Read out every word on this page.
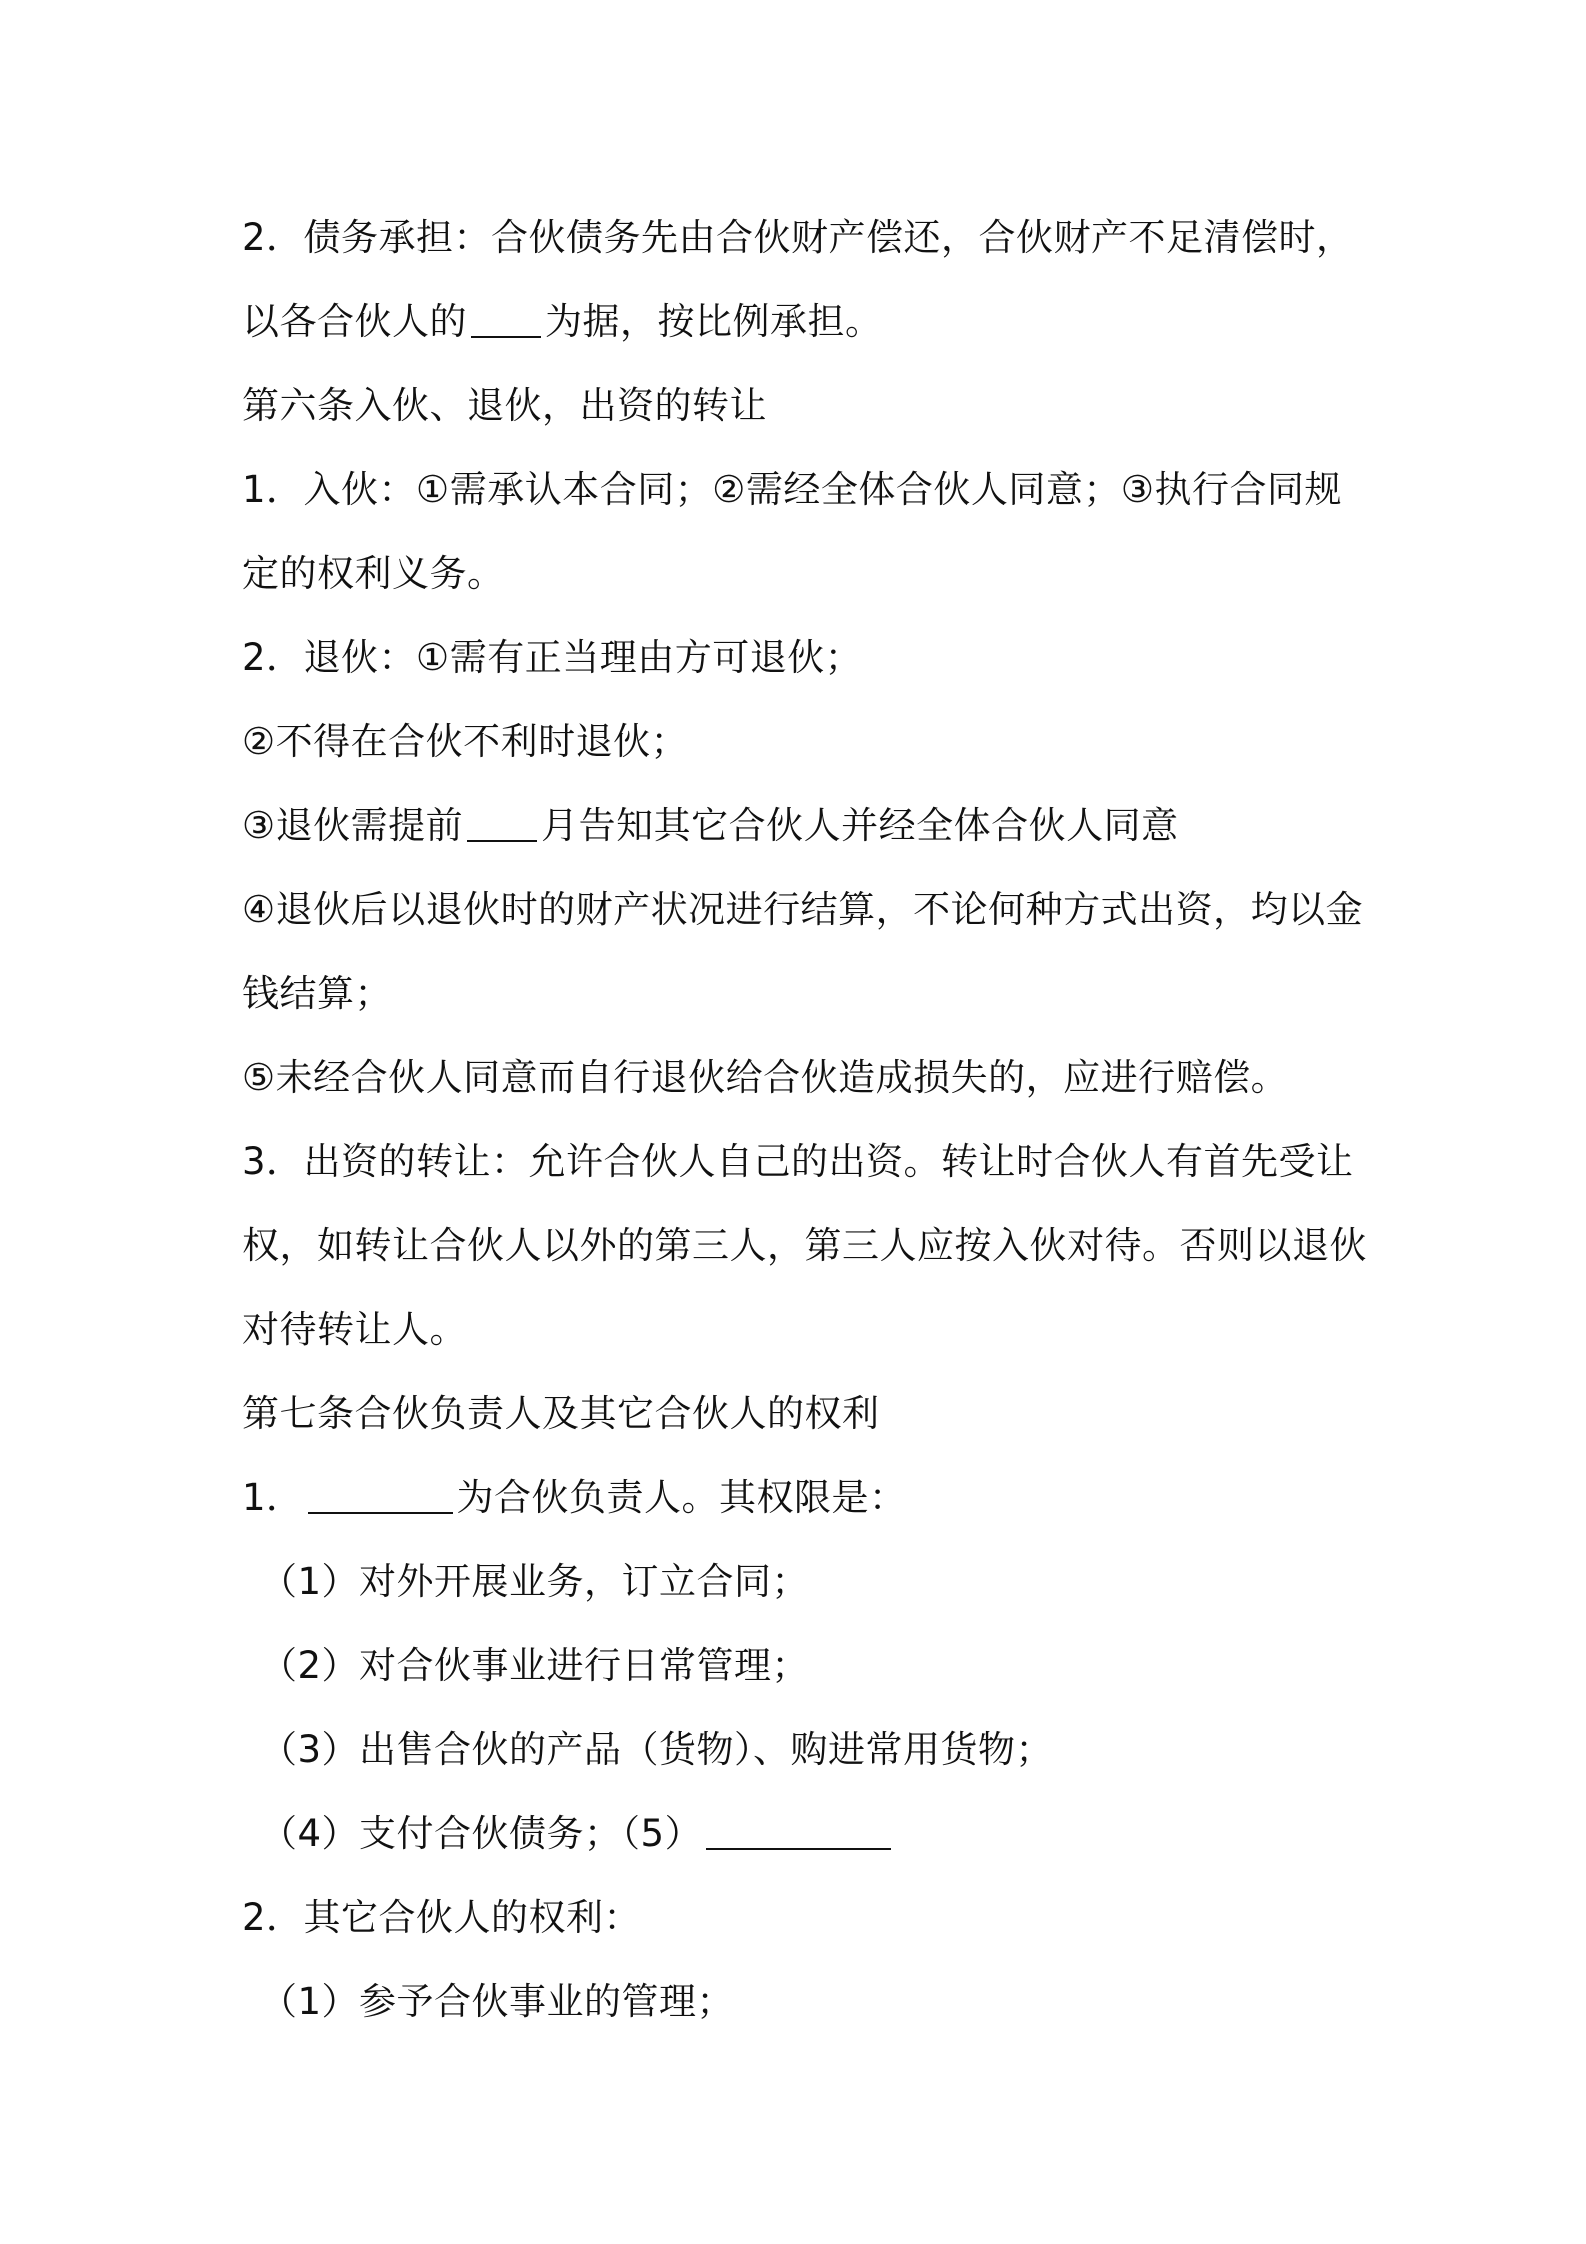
2．债务承担：合伙债务先由合伙财产偿还，合伙财产不足清偿时，
以各合伙人的 为据，按比例承担。
第六条入伙、退伙，出资的转让
1．入伙：①需承认本合同；②需经全体合伙人同意；③执行合同规
定的权利义务。
2．退伙：①需有正当理由方可退伙；
②不得在合伙不利时退伙；
③退伙需提前 月告知其它合伙人并经全体合伙人同意
④退伙后以退伙时的财产状况进行结算，不论何种方式出资，均以金
钱结算；
⑤未经合伙人同意而自行退伙给合伙造成损失的，应进行赔偿。
3．出资的转让：允许合伙人自己的出资。转让时合伙人有首先受让
权，如转让合伙人以外的第三人，第三人应按入伙对待。否则以退伙
对待转让人。
第七条合伙负责人及其它合伙人的权利
1．	为合伙负责人。其权限是：
（1）对外开展业务，订立合同；
（2）对合伙事业进行日常管理；
（3）出售合伙的产品（货物）、购进常用货物；
（4）支付合伙债务；（5）
2．其它合伙人的权利：
（1）参予合伙事业的管理；
